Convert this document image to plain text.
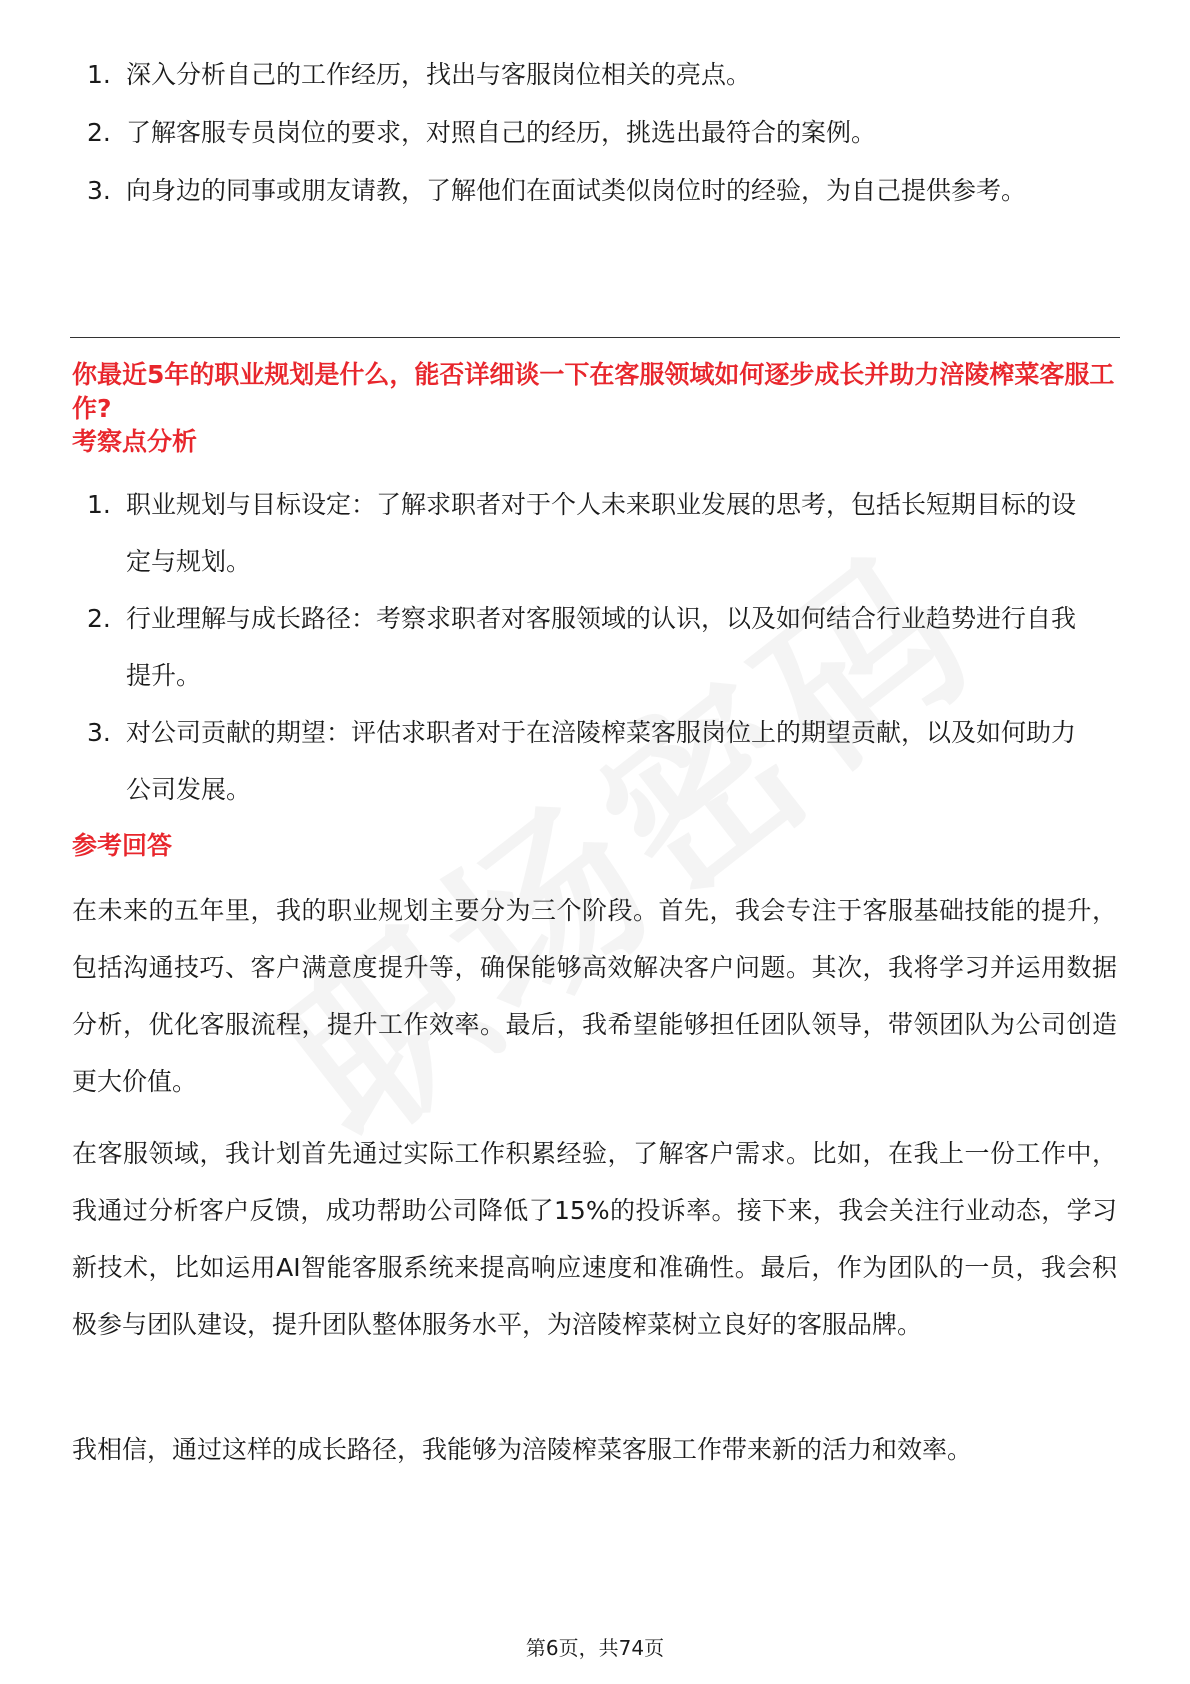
1. 深入分析自己的工作经历，找出与客服岗位相关的亮点。
2. 了解客服专员岗位的要求，对照自己的经历，挑选出最符合的案例。
3. 向身边的同事或朋友请教，了解他们在面试类似岗位时的经验，为自己提供参考。
你最近5年的职业规划是什么，能否详细谈一下在客服领域如何逐步成长并助力涪陵榨菜客服工作?
考察点分析
1. 职业规划与目标设定：了解求职者对于个人未来职业发展的思考，包括长短期目标的设定与规划。
2. 行业理解与成长路径：考察求职者对客服领域的认识，以及如何结合行业趋势进行自我提升。
3. 对公司贡献的期望：评估求职者对于在涪陵榨菜客服岗位上的期望贡献，以及如何助力公司发展。
参考回答
在未来的五年里，我的职业规划主要分为三个阶段。首先，我会专注于客服基础技能的提升，包括沟通技巧、客户满意度提升等，确保能够高效解决客户问题。其次，我将学习并运用数据分析，优化客服流程，提升工作效率。最后，我希望能够担任团队领导，带领团队为公司创造更大价值。
在客服领域，我计划首先通过实际工作积累经验，了解客户需求。比如，在我上一份工作中，我通过分析客户反馈，成功帮助公司降低了15%的投诉率。接下来，我会关注行业动态，学习新技术，比如运用AI智能客服系统来提高响应速度和准确性。最后，作为团队的一员，我会积极参与团队建设，提升团队整体服务水平，为涪陵榨菜树立良好的客服品牌。
我相信，通过这样的成长路径，我能够为涪陵榨菜客服工作带来新的活力和效率。
第6页，共74页
